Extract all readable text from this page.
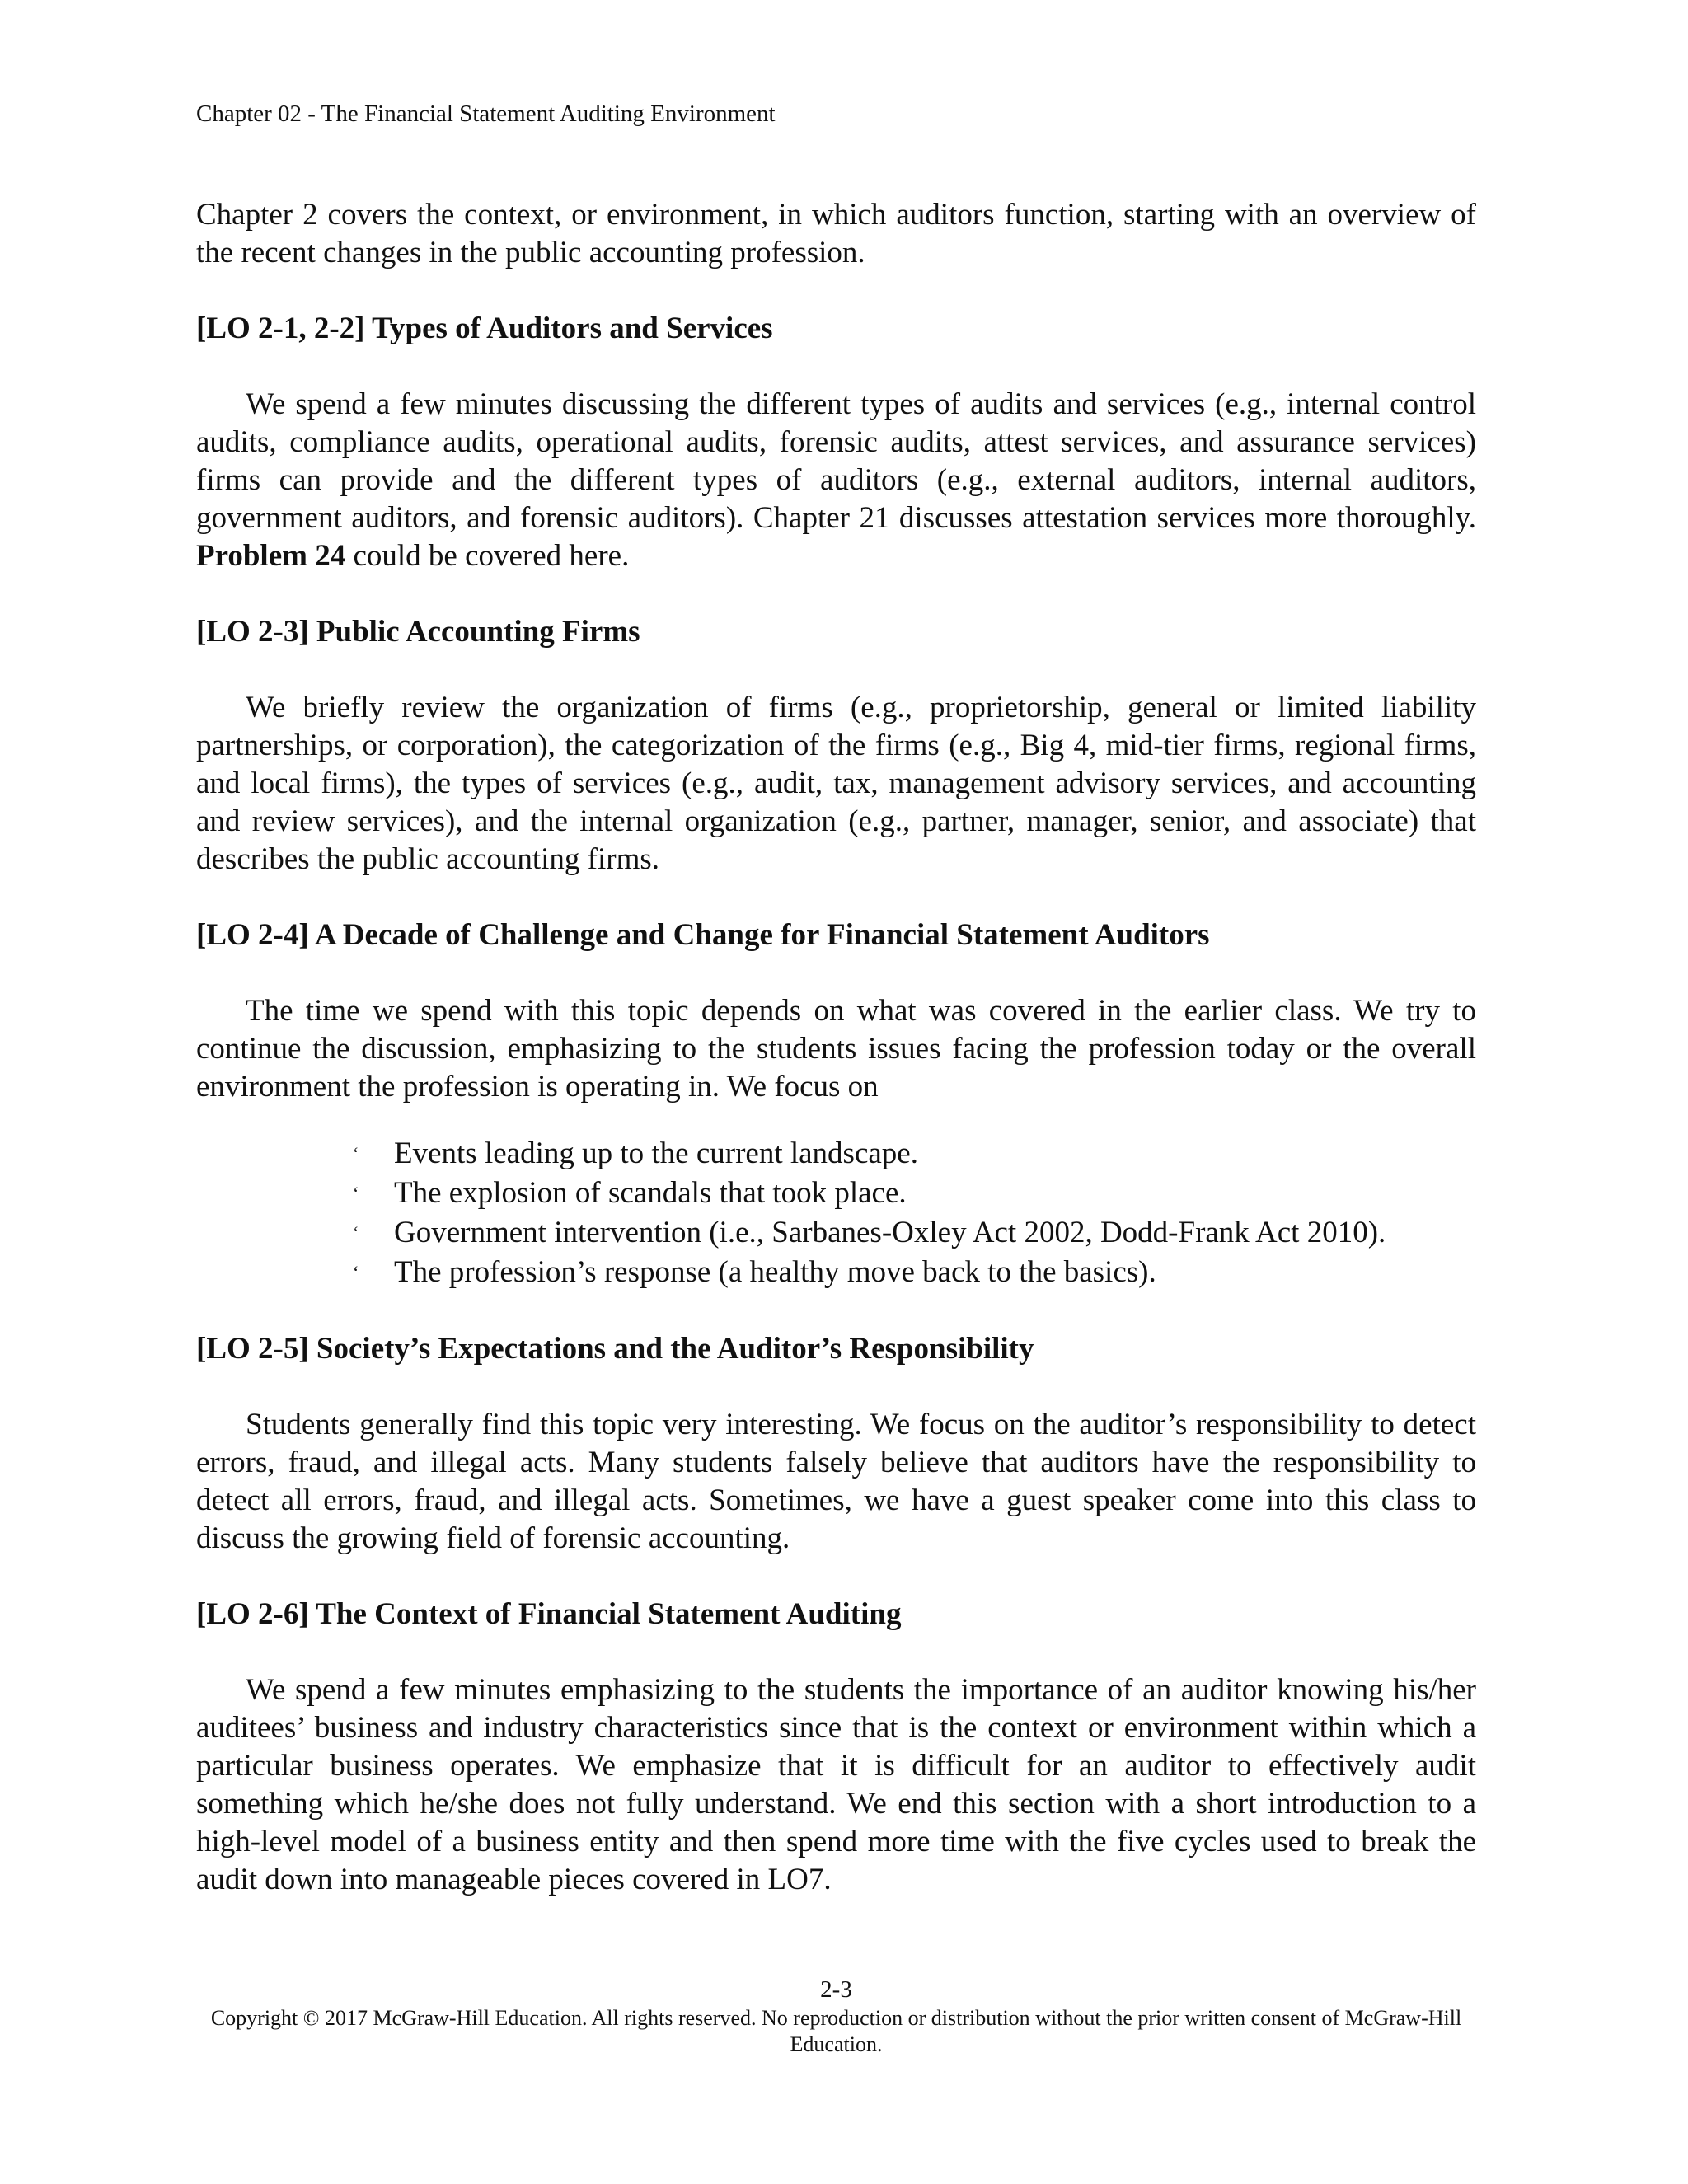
Chapter 02 - The Financial Statement Auditing Environment

Chapter 2 covers the context, or environment, in which auditors function, starting with an overview of the recent changes in the public accounting profession.

[LO 2-1, 2-2] Types of Auditors and Services

We spend a few minutes discussing the different types of audits and services (e.g., internal control audits, compliance audits, operational audits, forensic audits, attest services, and assurance services) firms can provide and the different types of auditors (e.g., external auditors, internal auditors, government auditors, and forensic auditors). Chapter 21 discusses attestation services more thoroughly. Problem 24 could be covered here.

[LO 2-3] Public Accounting Firms

We briefly review the organization of firms (e.g., proprietorship, general or limited liability partnerships, or corporation), the categorization of the firms (e.g., Big 4, mid-tier firms, regional firms, and local firms), the types of services (e.g., audit, tax, management advisory services, and accounting and review services), and the internal organization (e.g., partner, manager, senior, and associate) that describes the public accounting firms.

[LO 2-4] A Decade of Challenge and Change for Financial Statement Auditors

The time we spend with this topic depends on what was covered in the earlier class. We try to continue the discussion, emphasizing to the students issues facing the profession today or the overall environment the profession is operating in. We focus on

ʻ Events leading up to the current landscape.
ʻ The explosion of scandals that took place.
ʻ Government intervention (i.e., Sarbanes-Oxley Act 2002, Dodd-Frank Act 2010).
ʻ The profession’s response (a healthy move back to the basics).
[LO 2-5] Society’s Expectations and the Auditor’s Responsibility

Students generally find this topic very interesting. We focus on the auditor’s responsibility to detect errors, fraud, and illegal acts. Many students falsely believe that auditors have the responsibility to detect all errors, fraud, and illegal acts. Sometimes, we have a guest speaker come into this class to discuss the growing field of forensic accounting.

[LO 2-6] The Context of Financial Statement Auditing

We spend a few minutes emphasizing to the students the importance of an auditor knowing his/her auditees’ business and industry characteristics since that is the context or environment within which a particular business operates. We emphasize that it is difficult for an auditor to effectively audit something which he/she does not fully understand. We end this section with a short introduction to a high-level model of a business entity and then spend more time with the five cycles used to break the audit down into manageable pieces covered in LO7.

2-3
Copyright © 2017 McGraw-Hill Education. All rights reserved. No reproduction or distribution without the prior written consent of McGraw-Hill Education.
